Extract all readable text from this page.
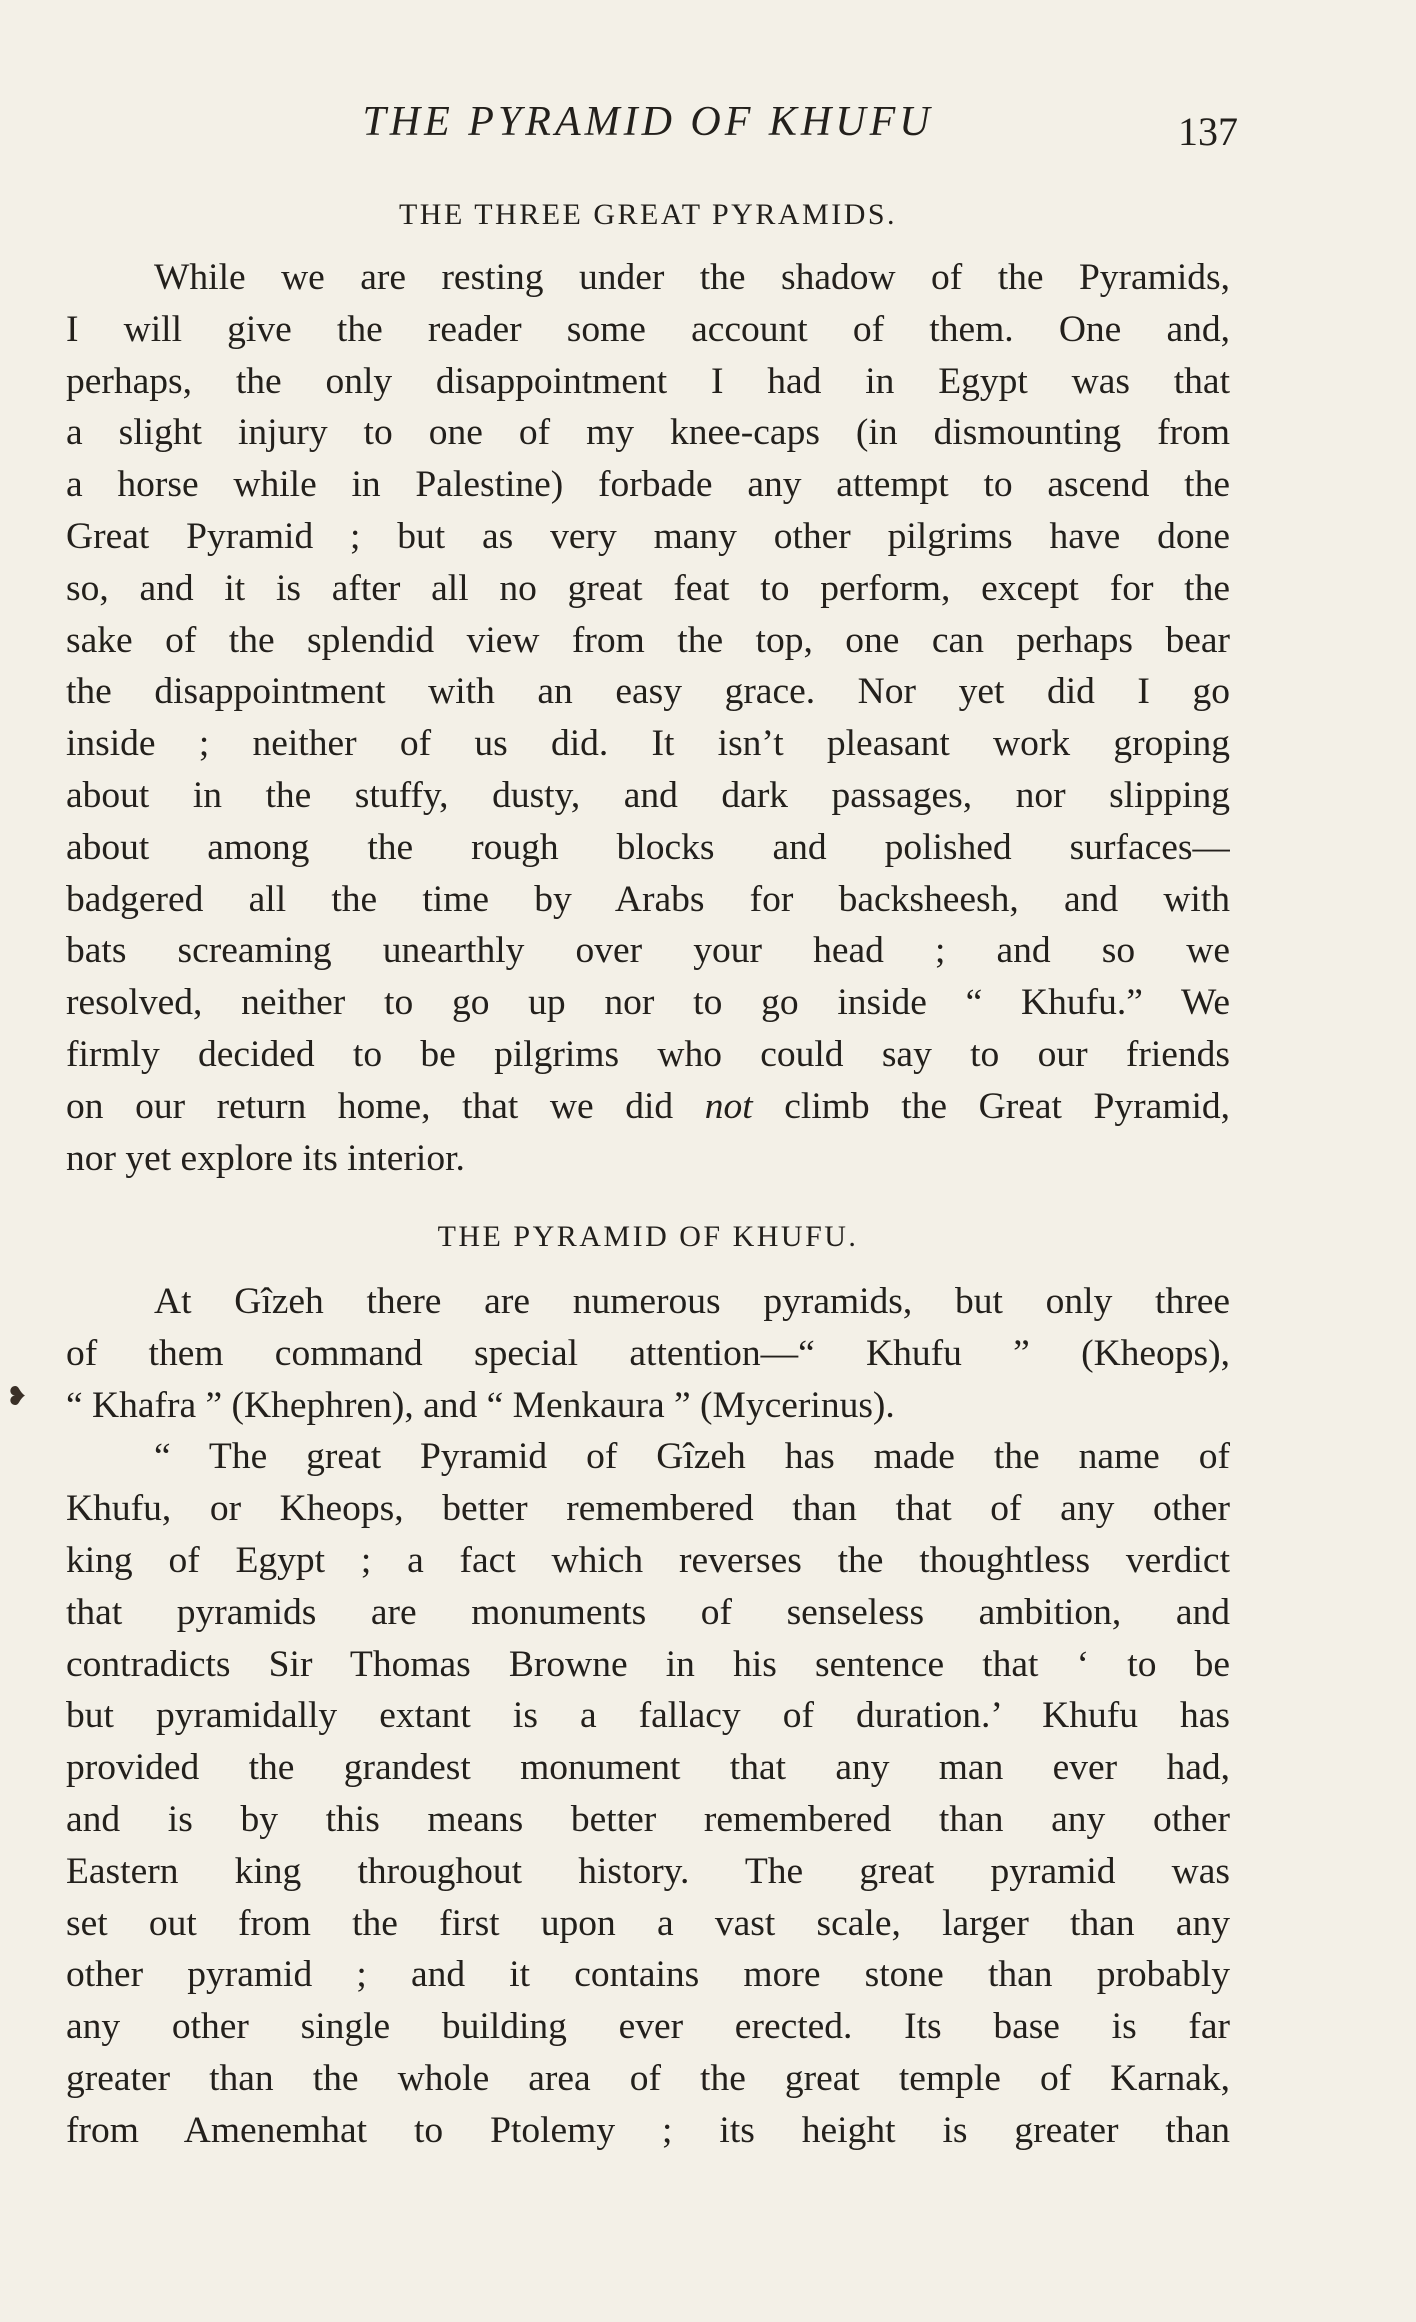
THE PYRAMID OF KHUFU	137
THE THREE GREAT PYRAMIDS.
While we are resting under the shadow of the Pyramids,
I will give the reader some account of them. One and,
perhaps, the only disappointment I had in Egypt was that
a slight injury to one of my knee-caps (in dismounting from
a horse while in Palestine) forbade any attempt to ascend the
Great Pyramid ; but as very many other pilgrims have done
so, and it is after all no great feat to perform, except for the
sake of the splendid view from the top, one can perhaps bear
the disappointment with an easy grace. Nor yet did I go
inside ; neither of us did. It isn’t pleasant work groping
about in the stuffy, dusty, and dark passages, nor slipping
about among the rough blocks and polished surfaces—
badgered all the time by Arabs for backsheesh, and with
bats screaming unearthly over your head ; and so we
resolved, neither to go up nor to go inside “ Khufu.” We
firmly decided to be pilgrims who could say to our friends
on our return home, that we did not climb the Great Pyramid,
nor yet explore its interior.
THE PYRAMID OF KHUFU.
❥
At Gîzeh there are numerous pyramids, but only three
of them command special attention—“ Khufu ” (Kheops),
“ Khafra ” (Khephren), and “ Menkaura ” (Mycerinus).
“ The great Pyramid of Gîzeh has made the name of
Khufu, or Kheops, better remembered than that of any other
king of Egypt ; a fact which reverses the thoughtless verdict
that pyramids are monuments of senseless ambition, and
contradicts Sir Thomas Browne in his sentence that ‘ to be
but pyramidally extant is a fallacy of duration.’ Khufu has
provided the grandest monument that any man ever had,
and is by this means better remembered than any other
Eastern king throughout history. The great pyramid was
set out from the first upon a vast scale, larger than any
other pyramid ; and it contains more stone than probably
any other single building ever erected. Its base is far
greater than the whole area of the great temple of Karnak,
from Amenemhat to Ptolemy ; its height is greater than
